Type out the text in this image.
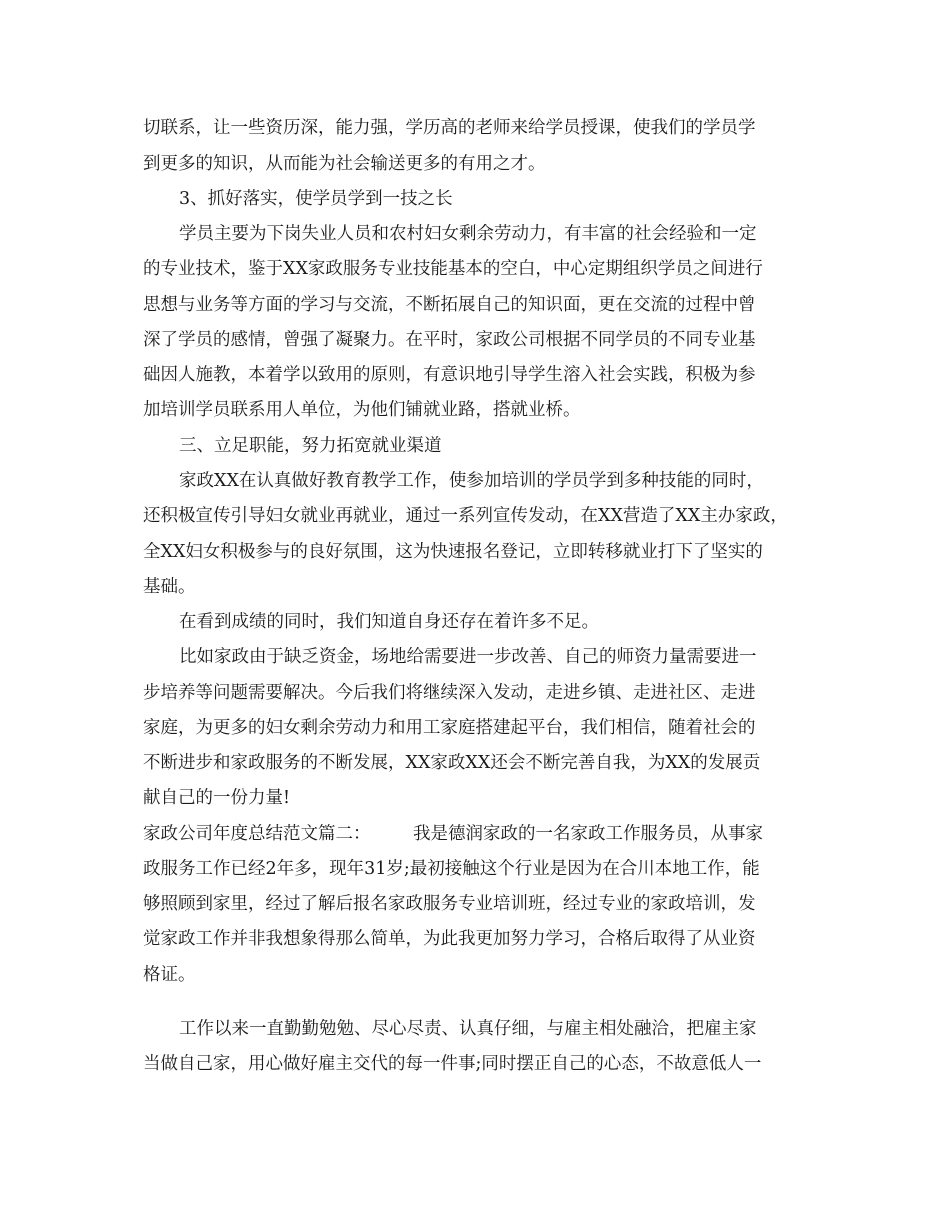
切联系，让一些资历深，能力强，学历高的老师来给学员授课，使我们的学员学
到更多的知识，从而能为社会输送更多的有用之才。
3、抓好落实，使学员学到一技之长
学员主要为下岗失业人员和农村妇女剩余劳动力，有丰富的社会经验和一定
的专业技术，鉴于XX家政服务专业技能基本的空白，中心定期组织学员之间进行
思想与业务等方面的学习与交流，不断拓展自己的知识面，更在交流的过程中曾
深了学员的感情，曾强了凝聚力。在平时，家政公司根据不同学员的不同专业基
础因人施教，本着学以致用的原则，有意识地引导学生溶入社会实践，积极为参
加培训学员联系用人单位，为他们铺就业路，搭就业桥。
三、立足职能，努力拓宽就业渠道
家政XX在认真做好教育教学工作，使参加培训的学员学到多种技能的同时，
还积极宣传引导妇女就业再就业，通过一系列宣传发动，在XX营造了XX主办家政，
全XX妇女积极参与的良好氛围，这为快速报名登记，立即转移就业打下了坚实的
基础。
在看到成绩的同时，我们知道自身还存在着许多不足。
比如家政由于缺乏资金，场地给需要进一步改善、自己的师资力量需要进一
步培养等问题需要解决。今后我们将继续深入发动，走进乡镇、走进社区、走进
家庭，为更多的妇女剩余劳动力和用工家庭搭建起平台，我们相信，随着社会的
不断进步和家政服务的不断发展，XX家政XX还会不断完善自我，为XX的发展贡
献自己的一份力量!
家政公司年度总结范文篇二：	我是德润家政的一名家政工作服务员，从事家
政服务工作已经2年多，现年31岁;最初接触这个行业是因为在合川本地工作，能
够照顾到家里，经过了解后报名家政服务专业培训班，经过专业的家政培训，发
觉家政工作并非我想象得那么简单，为此我更加努力学习，合格后取得了从业资
格证。
工作以来一直勤勤勉勉、尽心尽责、认真仔细，与雇主相处融洽，把雇主家
当做自己家，用心做好雇主交代的每一件事;同时摆正自己的心态，不故意低人一
